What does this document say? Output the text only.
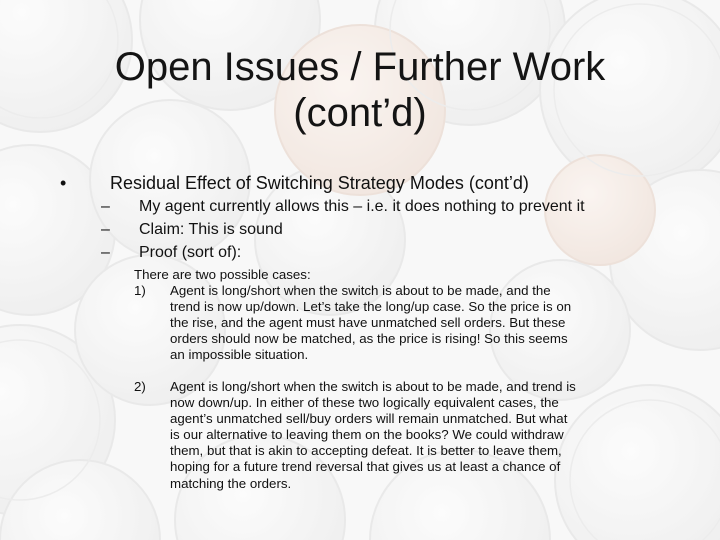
Open Issues / Further Work
(cont’d)
• Residual Effect of Switching Strategy Modes (cont’d)
– My agent currently allows this – i.e. it does nothing to prevent it
– Claim: This is sound
– Proof (sort of):
There are two possible cases:
1) Agent is long/short when the switch is about to be made, and the
trend is now up/down. Let’s take the long/up case. So the price is on
the rise, and the agent must have unmatched sell orders. But these
orders should now be matched, as the price is rising! So this seems
an impossible situation.
2) Agent is long/short when the switch is about to be made, and trend is
now down/up. In either of these two logically equivalent cases, the
agent’s unmatched sell/buy orders will remain unmatched. But what
is our alternative to leaving them on the books? We could withdraw
them, but that is akin to accepting defeat. It is better to leave them,
hoping for a future trend reversal that gives us at least a chance of
matching the orders.
